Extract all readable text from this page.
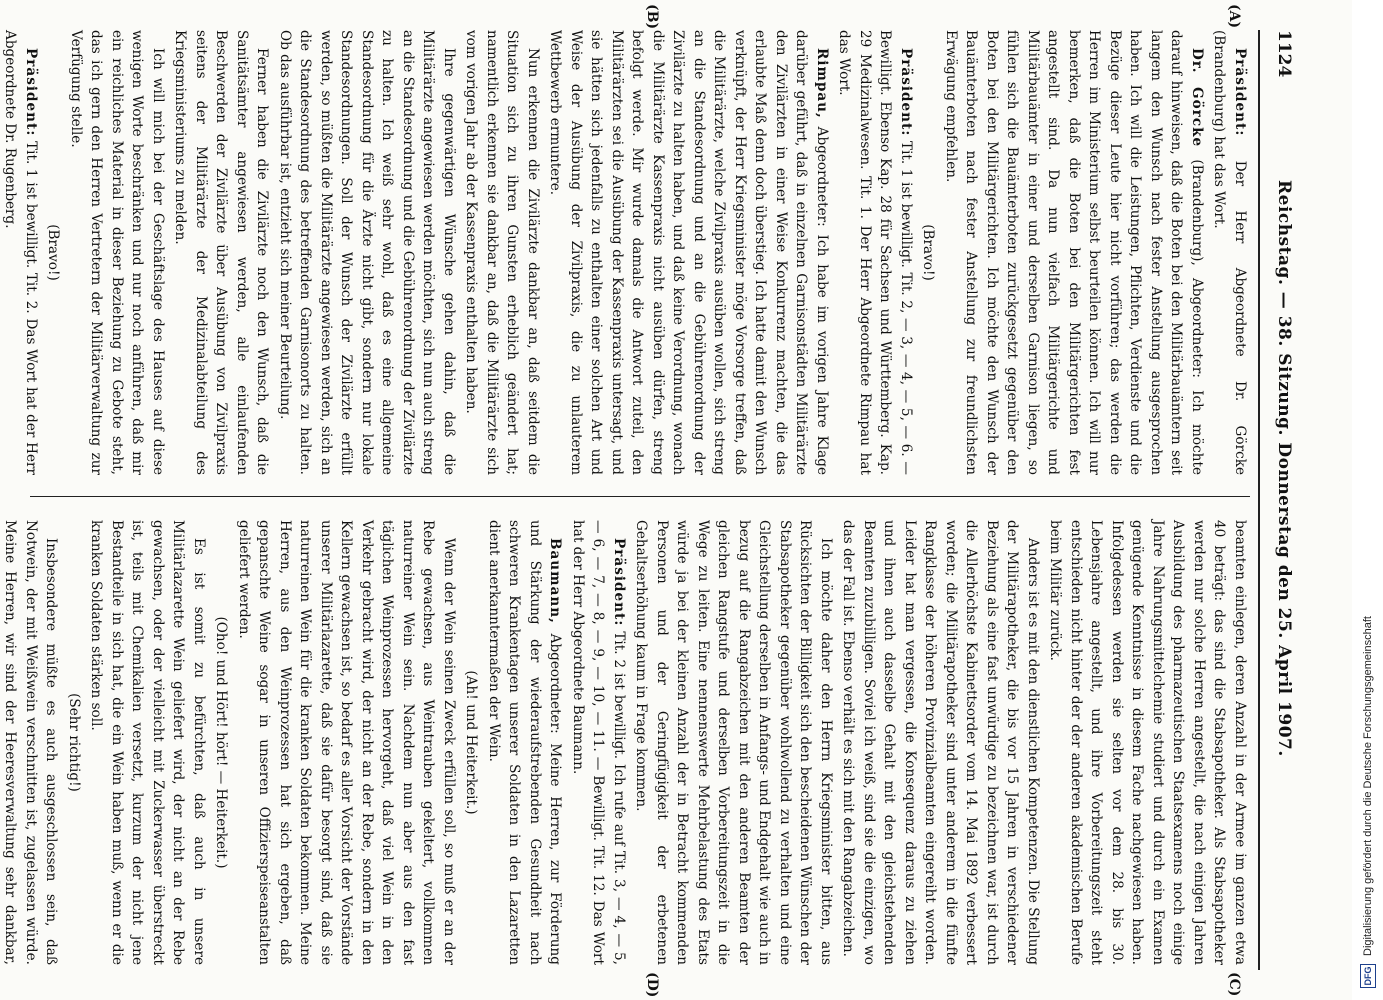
1124
Reichstag. — 38. Sitzung. Donnerstag den 25. April 1907.
(A)
(B)
(C)
(D)

Präsident: Der Herr Abgeordnete Dr. Görcke (Brandenburg) hat das Wort.

Dr. Görcke (Brandenburg), Abgeordneter: Ich möchte darauf hinweisen, daß die Boten bei den Militärbauämtern seit langem den Wunsch nach fester Anstellung ausgesprochen haben. Ich will die Leistungen, Pflichten, Verdienste und die Bezüge dieser Leute hier nicht vorführen; das werden die Herren im Ministerium selbst beurteilen können. Ich will nur bemerken, daß die Boten bei den Militärgerichten fest angestellt sind. Da nun vielfach Militärgerichte und Militärbauämter in einer und derselben Garnison liegen, so fühlen sich die Bauämterboten zurückgesetzt gegenüber den Boten bei den Militärgerichten. Ich möchte den Wunsch der Bauämterboten nach fester Anstellung zur freundlichsten Erwägung empfehlen.

(Bravo!)

Präsident: Tit. 1 ist bewilligt. Tit. 2, — 3, — 4, — 5, — 6. — Bewilligt. Ebenso Kap. 28 für Sachsen und Württemberg. Kap. 29 Medizinalwesen. Tit. 1. Der Herr Abgeordnete Rimpau hat das Wort.

Rimpau, Abgeordneter: Ich habe im vorigen Jahre Klage darüber geführt, daß in einzelnen Garnisonstädten Militärärzte den Zivilärzten in einer Weise Konkurrenz machten, die das erlaubte Maß denn doch überstieg. Ich hatte damit den Wunsch verknüpft, der Herr Kriegsminister möge Vorsorge treffen, daß die Militärärzte, welche Zivilpraxis ausüben wollen, sich streng an die Standesordnung und an die Gebührenordnung der Zivilärzte zu halten haben, und daß keine Verordnung, wonach die Militärärzte Kassenpraxis nicht ausüben dürfen, streng befolgt werde. Mir wurde damals die Antwort zuteil, den Militärärzten sei die Ausübung der Kassenpraxis untersagt, und sie hätten sich jedenfalls zu enthalten einer solchen Art und Weise der Ausübung der Zivilpraxis, die zu unlauterem Wettbewerb ermuntere.

Nun erkennen die Zivilärzte dankbar an, daß seitdem die Situation sich zu ihren Gunsten erheblich geändert hat; namentlich erkennen sie dankbar an, daß die Militärärzte sich vom vorigen Jahr ab der Kassenpraxis enthalten haben.

Ihre gegenwärtigen Wünsche gehen dahin, daß die Militärärzte angewiesen werden möchten, sich nun auch streng an die Standesordnung und die Gebührenordnung der Zivilärzte zu halten. Ich weiß sehr wohl, daß es eine allgemeine Standesordnung für die Ärzte nicht gibt, sondern nur lokale Standesordnungen. Soll der Wunsch der Zivilärzte erfüllt werden, so müßten die Militärärzte angewiesen werden, sich an die Standesordnung des betreffenden Garnisonorts zu halten. Ob das ausführbar ist, entzieht sich meiner Beurteilung.

Ferner haben die Zivilärzte noch den Wunsch, daß die Sanitätsämter angewiesen werden, alle einlaufenden Beschwerden der Zivilärzte über Ausübung von Zivilpraxis seitens der Militärärzte der Medizinalabteilung des Kriegsministeriums zu melden.

Ich will mich bei der Geschäftslage des Hauses auf diese wenigen Worte beschränken und nur noch anführen, daß mir ein reichliches Material in dieser Beziehung zu Gebote steht, das ich gern den Herren Vertretern der Militärverwaltung zur Verfügung stelle.

(Bravo!)

Präsident: Tit. 1 ist bewilligt. Tit. 2. Das Wort hat der Herr Abgeordnete Dr. Rugenberg.

beamten einlegen, deren Anzahl in der Armee im ganzen etwa 40 beträgt: das sind die Stabsapotheker. Als Stabsapotheker werden nur solche Herren angestellt, die nach einigen Jahren Ausbildung des pharmazeutischen Staatsexamens noch einige Jahre Nahrungsmittelchemie studiert und durch ein Examen genügende Kenntnisse in diesem Fache nachgewiesen haben. Infolgedessen werden sie selten vor dem 28. bis 30. Lebensjahre angestellt, und ihre Vorbereitungszeit steht entschieden nicht hinter der der anderen akademischen Berufe beim Militär zurück.

Anders ist es mit den dienstlichen Kompetenzen. Die Stellung der Militärapotheker, die bis vor 15 Jahren in verschiedener Beziehung als eine fast unwürdige zu bezeichnen war, ist durch die Allerhöchste Kabinettsorder vom 14. Mai 1892 verbessert worden; die Militärapotheker sind unter anderem in die fünfte Rangklasse der höheren Provinzialbeamten eingereiht worden. Leider hat man vergessen, die Konsequenz daraus zu ziehen und ihnen auch dasselbe Gehalt mit den gleichstehenden Beamten zuzubilligen. Soviel ich weiß, sind sie die einzigen, wo das der Fall ist. Ebenso verhält es sich mit den Rangabzeichen.

Ich möchte daher den Herrn Kriegsminister bitten, aus Rücksichten der Billigkeit sich den bescheidenen Wünschen der Stabsapotheker gegenüber wohlwollend zu verhalten und eine Gleichstellung derselben in Anfangs- und Endgehalt wie auch in bezug auf die Rangabzeichen mit den anderen Beamten der gleichen Rangstufe und derselben Vorbereitungszeit in die Wege zu leiten. Eine nennenswerte Mehrbelastung des Etats würde ja bei der kleinen Anzahl der in Betracht kommenden Personen und der Geringfügigkeit der erbetenen Gehaltserhöhung kaum in Frage kommen.

Präsident: Tit. 2 ist bewilligt. Ich rufe auf Tit. 3, — 4, — 5, — 6, — 7, — 8, — 9, — 10, — 11. — Bewilligt. Tit. 12. Das Wort hat der Herr Abgeordnete Baumann.

Baumann, Abgeordneter: Meine Herren, zur Förderung und Stärkung der wiederaufstrebenden Gesundheit nach schweren Krankentagen unserer Soldaten in den Lazaretten dient anerkanntermaßen der Wein.

(Ah! und Heiterkeit.)

Wenn der Wein seinen Zweck erfüllen soll, so muß er an der Rebe gewachsen, aus Weintrauben gekeltert, vollkommen naturreiner Wein sein. Nachdem nun aber aus den fast täglichen Weinprozessen hervorgeht, daß viel Wein in den Verkehr gebracht wird, der nicht an der Rebe, sondern in den Kellern gewachsen ist, so bedarf es aller Vorsicht der Vorstände unserer Militärlazarette, daß sie dafür besorgt sind, daß sie naturreinen Wein für die kranken Soldaten bekommen. Meine Herren, aus den Weinprozessen hat sich ergeben, daß gepanschte Weine sogar in unseren Offizierspeiseanstalten geliefert werden.

(Oho! und Hört! hört! — Heiterkeit.)

Es ist somit zu befürchten, daß auch in unsere Militärlazarette Wein geliefert wird, der nicht an der Rebe gewachsen, oder der vielleicht mit Zuckerwasser überstreckt ist, teils mit Chemikalien versetzt, kurzum der nicht jene Bestandteile in sich hat, die ein Wein haben muß, wenn er die kranken Soldaten stärken soll.

(Sehr richtig!)

Insbesondere müßte es auch ausgeschlossen sein, daß Notwein, der mit Weißwein verschnitten ist, zugelassen würde. Meine Herren, wir sind der Heeresverwaltung sehr dankbar,

DFG
Digitalisierung gefördert durch die Deutsche Forschungsgemeinschaft
